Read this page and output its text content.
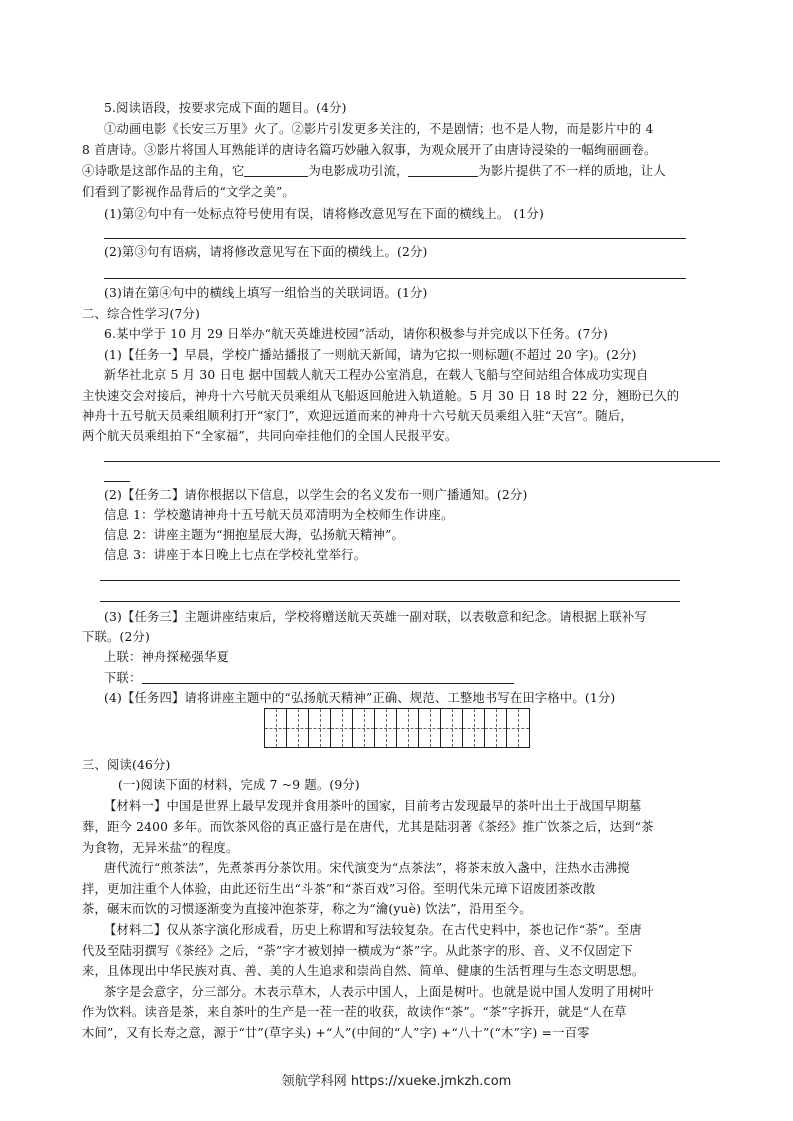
5.阅读语段，按要求完成下面的题目。(4分)
①动画电影《长安三万里》火了。②影片引发更多关注的，不是剧情；也不是人物，而是影片中的 4
8 首唐诗。③影片将国人耳熟能详的唐诗名篇巧妙融入叙事，为观众展开了由唐诗浸染的一幅绚丽画卷。
④诗歌是这部作品的主角，它	为电影成功引流，	为影片提供了不一样的质地，让人
们看到了影视作品背后的“文学之美”。
(1)第②句中有一处标点符号使用有误，请将修改意见写在下面的横线上。 (1分)
(2)第③句有语病，请将修改意见写在下面的横线上。(2分)
(3)请在第④句中的横线上填写一组恰当的关联词语。(1分)
二、综合性学习(7分)
6.某中学于 10 月 29 日举办“航天英雄进校园”活动，请你积极参与并完成以下任务。(7分)
(1)【任务一】早晨，学校广播站播报了一则航天新闻，请为它拟一则标题(不超过 20 字)。(2分)
新华社北京 5 月 30 日电 据中国载人航天工程办公室消息，在载人飞船与空间站组合体成功实现自
主快速交会对接后，神舟十六号航天员乘组从飞船返回舱进入轨道舱。5 月 30 日 18 时 22 分，翘盼已久的
神舟十五号航天员乘组顺利打开“家门”，欢迎远道而来的神舟十六号航天员乘组入驻“天宫”。随后，
两个航天员乘组拍下“全家福”，共同向牵挂他们的全国人民报平安。
(2)【任务二】请你根据以下信息，以学生会的名义发布一则广播通知。(2分)
信息 1：学校邀请神舟十五号航天员邓清明为全校师生作讲座。
信息 2：讲座主题为“拥抱星辰大海，弘扬航天精神”。
信息 3：讲座于本日晚上七点在学校礼堂举行。
(3)【任务三】主题讲座结束后，学校将赠送航天英雄一副对联，以表敬意和纪念。请根据上联补写
下联。(2分)
上联：神舟探秘强华夏
下联：
(4)【任务四】请将讲座主题中的“弘扬航天精神”正确、规范、工整地书写在田字格中。(1分)
三、阅读(46分)
(一)阅读下面的材料，完成 7 ~9 题。(9分)
【材料一】中国是世界上最早发现并食用茶叶的国家，目前考古发现最早的茶叶出土于战国早期墓
葬，距今 2400 多年。而饮茶风俗的真正盛行是在唐代，尤其是陆羽著《茶经》推广饮茶之后，达到“茶
为食物，无异米盐”的程度。
唐代流行“煎茶法”，先煮茶再分茶饮用。宋代演变为“点茶法”，将茶末放入盏中，注热水击沸搅
拌，更加注重个人体验，由此还衍生出“斗茶”和“茶百戏”习俗。至明代朱元璋下诏废团茶改散
茶，碾末而饮的习惯逐渐变为直接冲泡茶芽，称之为“瀹(yuè) 饮法”，沿用至今。
【材料二】仅从茶字演化形成看，历史上称谓和写法较复杂。在古代史料中，茶也记作“荼”。至唐
代及至陆羽撰写《茶经》之后，“荼”字才被划掉一横成为“茶”字。从此茶字的形、音、义不仅固定下
来，且体现出中华民族对真、善、美的人生追求和崇尚自然、简单、健康的生活哲理与生态文明思想。
茶字是会意字，分三部分。木表示草木，人表示中国人，上面是树叶。也就是说中国人发明了用树叶
作为饮料。读音是茶，来自茶叶的生产是一茬一茬的收获，故读作“茶”。“茶”字拆开，就是“人在草
木间”，又有长寿之意，源于“廿”(草字头) +“人”(中间的“人”字) +“八十”(“木”字) =一百零
领航学科网 https://xueke.jmkzh.com
